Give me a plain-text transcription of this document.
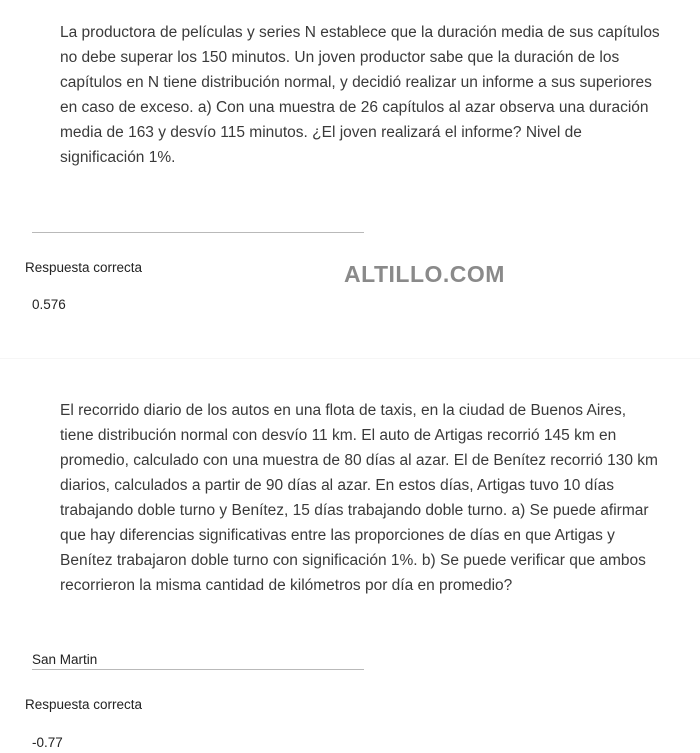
La productora de películas y series N establece que la duración media de sus capítulos no debe superar los 150 minutos. Un joven productor sabe que la duración de los capítulos en N tiene distribución normal, y decidió realizar un informe a sus superiores en caso de exceso. a) Con una muestra de 26 capítulos al azar observa una duración media de 163 y desvío 115 minutos. ¿El joven realizará el informe? Nivel de significación 1%.

Respuesta correcta	ALTILLO.COM
0.576

El recorrido diario de los autos en una flota de taxis, en la ciudad de Buenos Aires, tiene distribución normal con desvío 11 km. El auto de Artigas recorrió 145 km en promedio, calculado con una muestra de 80 días al azar. El de Benítez recorrió 130 km diarios, calculados a partir de 90 días al azar. En estos días, Artigas tuvo 10 días trabajando doble turno y Benítez, 15 días trabajando doble turno. a) Se puede afirmar que hay diferencias significativas entre las proporciones de días en que Artigas y Benítez trabajaron doble turno con significación 1%. b) Se puede verificar que ambos recorrieron la misma cantidad de kilómetros por día en promedio?

San Martin
Respuesta correcta
-0.77
